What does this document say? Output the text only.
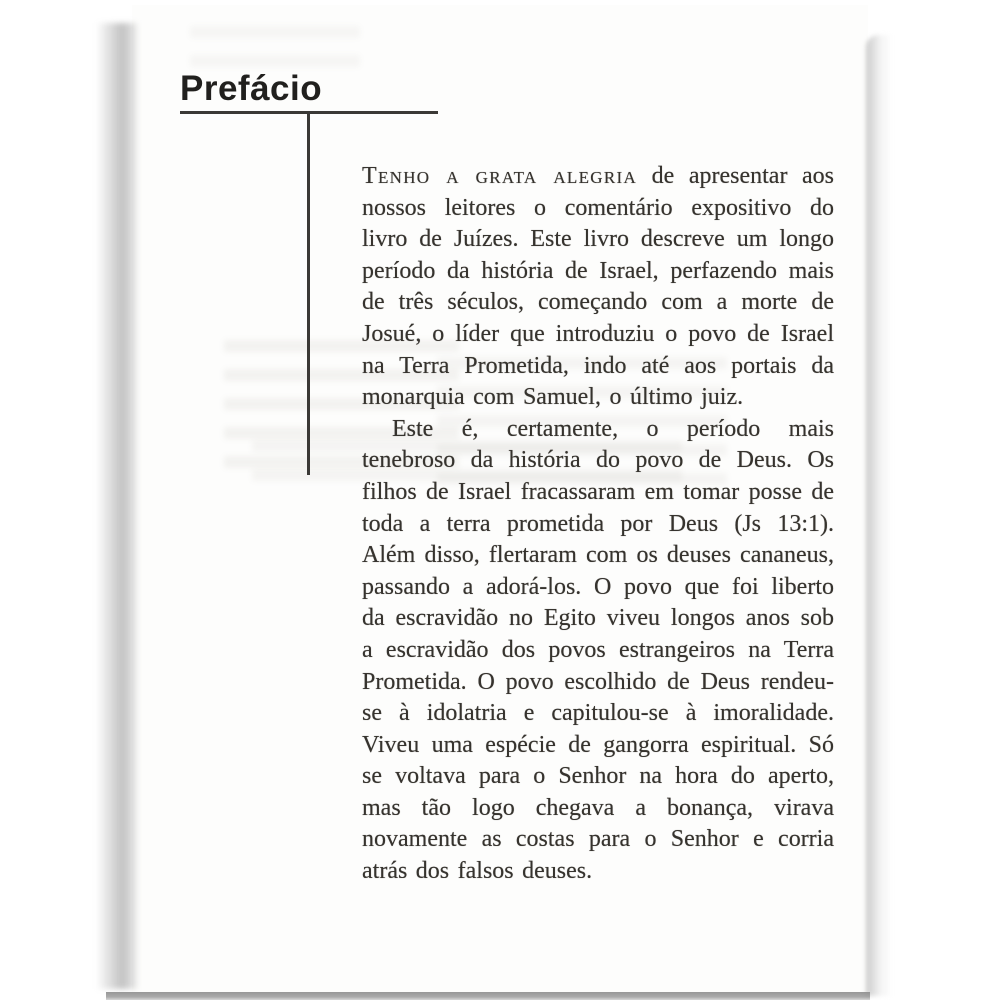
Prefácio

Tenho a grata alegria de apresentar aos nossos leitores o comentário expositivo do livro de Juízes. Este livro descreve um longo período da história de Israel, perfazendo mais de três séculos, começando com a morte de Josué, o líder que introduziu o povo de Israel na Terra Prometida, indo até aos portais da monarquia com Samuel, o último juiz.

Este é, certamente, o período mais tenebroso da história do povo de Deus. Os filhos de Israel fracassaram em tomar posse de toda a terra prometida por Deus (Js 13:1). Além disso, flertaram com os deuses cananeus, passando a adorá-los. O povo que foi liberto da escravidão no Egito viveu longos anos sob a escravidão dos povos estrangeiros na Terra Prometida. O povo escolhido de Deus rendeu-se à idolatria e capitulou-se à imoralidade. Viveu uma espécie de gangorra espiritual. Só se voltava para o Senhor na hora do aperto, mas tão logo chegava a bonança, virava novamente as costas para o Senhor e corria atrás dos falsos deuses.
